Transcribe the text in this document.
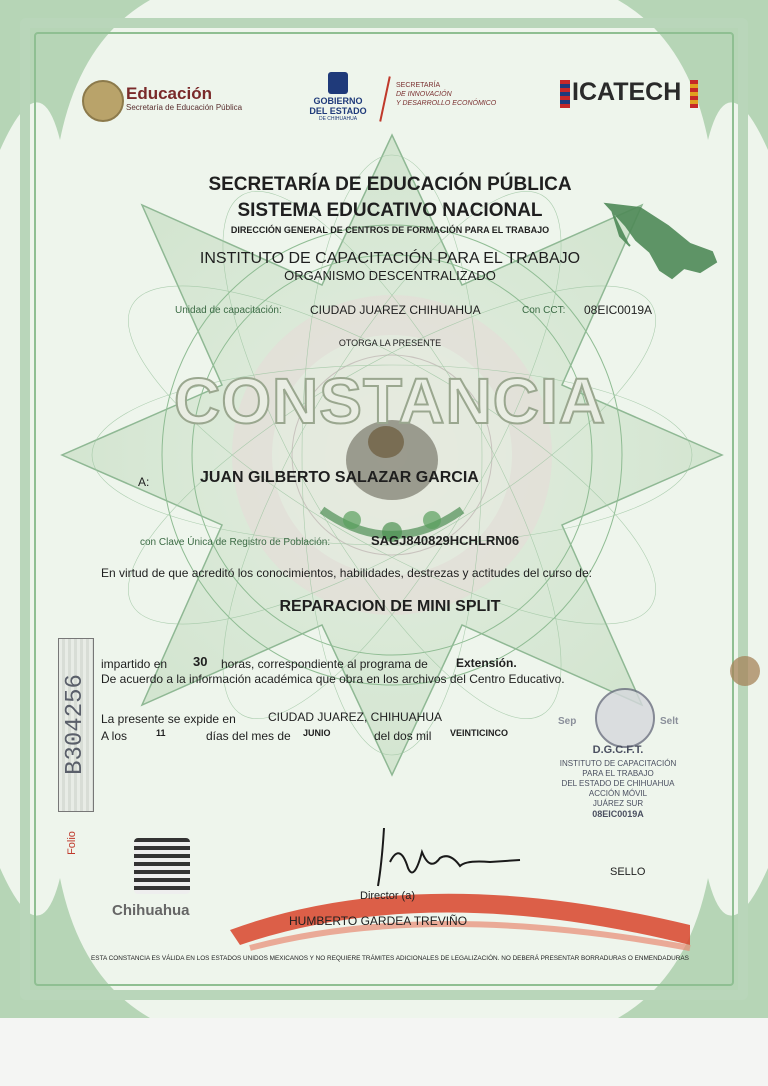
Educación
Secretaría de Educación Pública
GOBIERNO
DEL ESTADO
DE CHIHUAHUA
SECRETARÍA
DE INNOVACIÓN
Y DESARROLLO ECONÓMICO	ICATECH
SECRETARÍA DE EDUCACIÓN PÚBLICA
SISTEMA EDUCATIVO NACIONAL
DIRECCIÓN GENERAL DE CENTROS DE FORMACIÓN PARA EL TRABAJO
INSTITUTO DE CAPACITACIÓN PARA EL TRABAJO
ORGANISMO DESCENTRALIZADO
Unidad de capacitación: CIUDAD JUAREZ CHIHUAHUA	Con CCT: 08EIC0019A
OTORGA LA PRESENTE
CONSTANCIA
A:	JUAN GILBERTO SALAZAR GARCIA
con Clave Única de Registro de Población:	SAGJ840829HCHLRN06
En virtud de que acreditó los conocimientos, habilidades, destrezas y actitudes del curso de:
REPARACION DE MINI SPLIT
impartido en 30 horas, correspondiente al programa de Extensión.
De acuerdo a la información académica que obra en los archivos del Centro Educativo.
La presente se expide en	CIUDAD JUAREZ, CHIHUAHUA
A los	11	días del mes de JUNIO	del dos mil VEINTICINCO
Sep	Selt
D.G.C.F.T.
INSTITUTO DE CAPACITACIÓN
PARA EL TRABAJO
DEL ESTADO DE CHIHUAHUA
ACCIÓN MÓVIL
JUÁREZ SUR
08EIC0019A
B304256
Folio
Chihuahua
Director (a)
HUMBERTO GARDEA TREVIÑO
SELLO
ESTA CONSTANCIA ES VÁLIDA EN LOS ESTADOS UNIDOS MEXICANOS Y NO REQUIERE TRÁMITES ADICIONALES DE LEGALIZACIÓN. NO DEBERÁ PRESENTAR BORRADURAS O ENMENDADURAS
